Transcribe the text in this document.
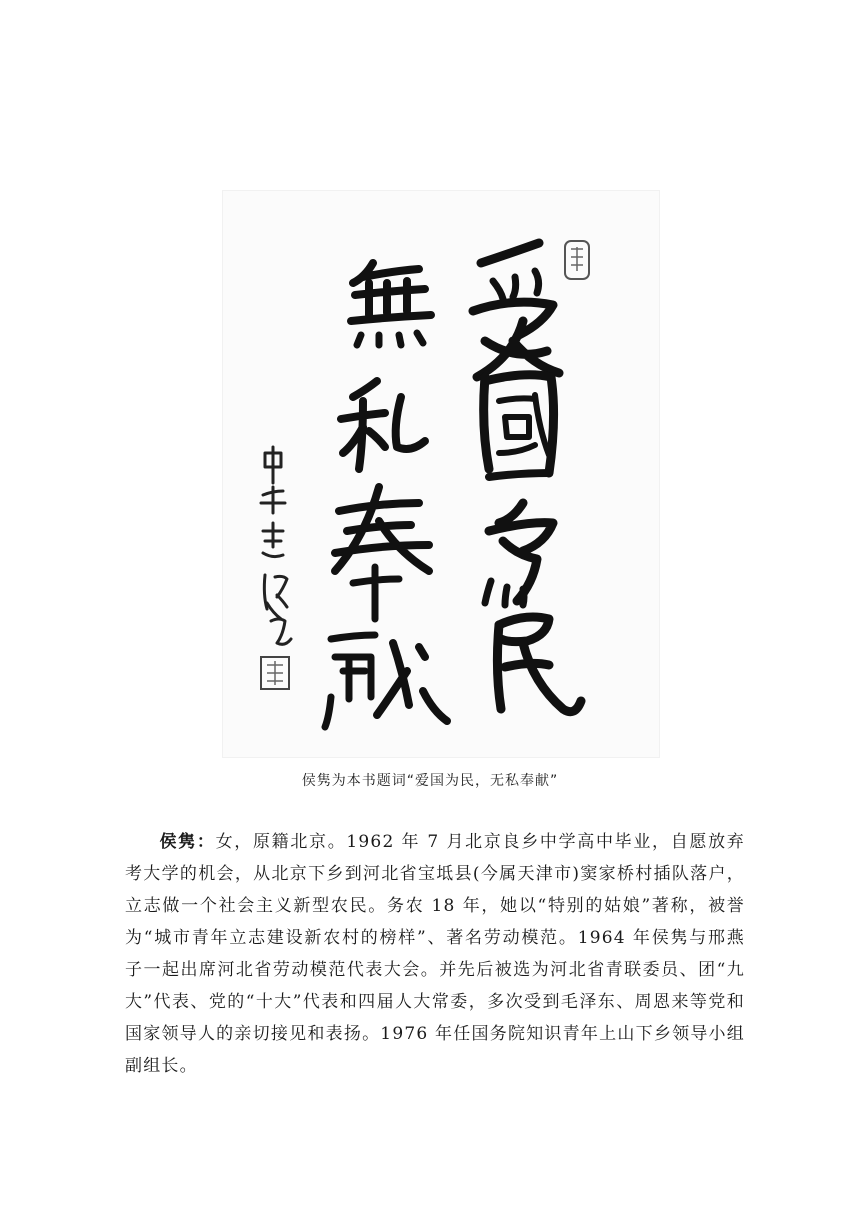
侯隽为本书题词“爱国为民，无私奉献”

侯隽：女，原籍北京。1962 年 7 月北京良乡中学高中毕业，自愿放弃考大学的机会，从北京下乡到河北省宝坻县(今属天津市)窦家桥村插队落户，立志做一个社会主义新型农民。务农 18 年，她以“特别的姑娘”著称，被誉为“城市青年立志建设新农村的榜样”、著名劳动模范。1964 年侯隽与邢燕子一起出席河北省劳动模范代表大会。并先后被选为河北省青联委员、团“九大”代表、党的“十大”代表和四届人大常委，多次受到毛泽东、周恩来等党和国家领导人的亲切接见和表扬。1976 年任国务院知识青年上山下乡领导小组副组长。
